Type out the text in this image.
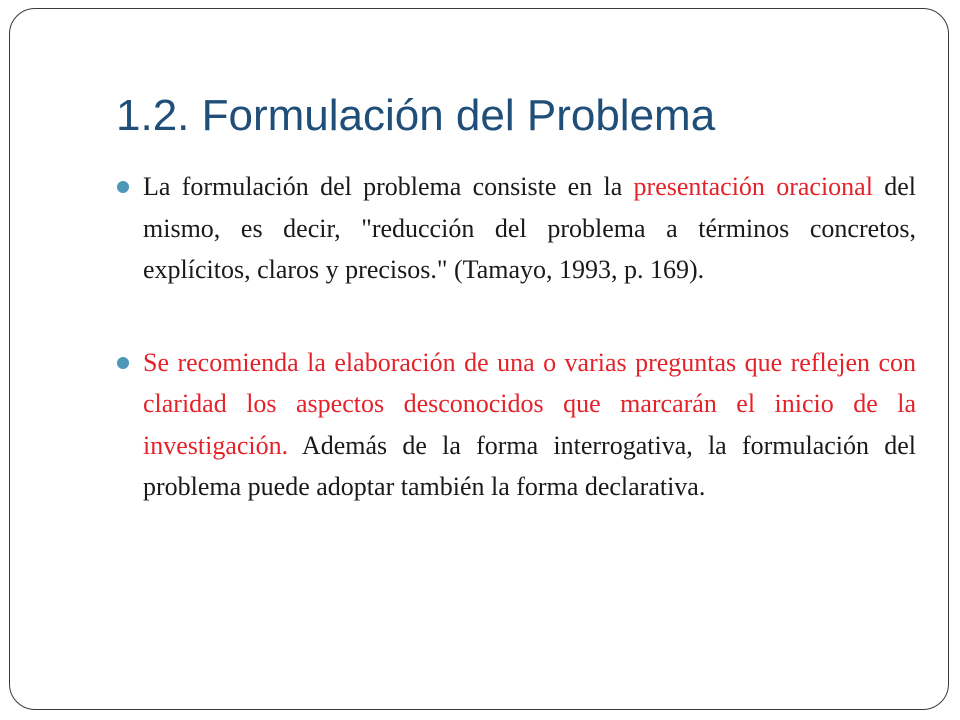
1.2. Formulación del Problema
La formulación del problema consiste en la presentación oracional del mismo, es decir, "reducción del problema a términos concretos, explícitos, claros y precisos." (Tamayo, 1993, p. 169).
Se recomienda la elaboración de una o varias preguntas que reflejen con claridad los aspectos desconocidos que marcarán el inicio de la investigación. Además de la forma interrogativa, la formulación del problema puede adoptar también la forma declarativa.
